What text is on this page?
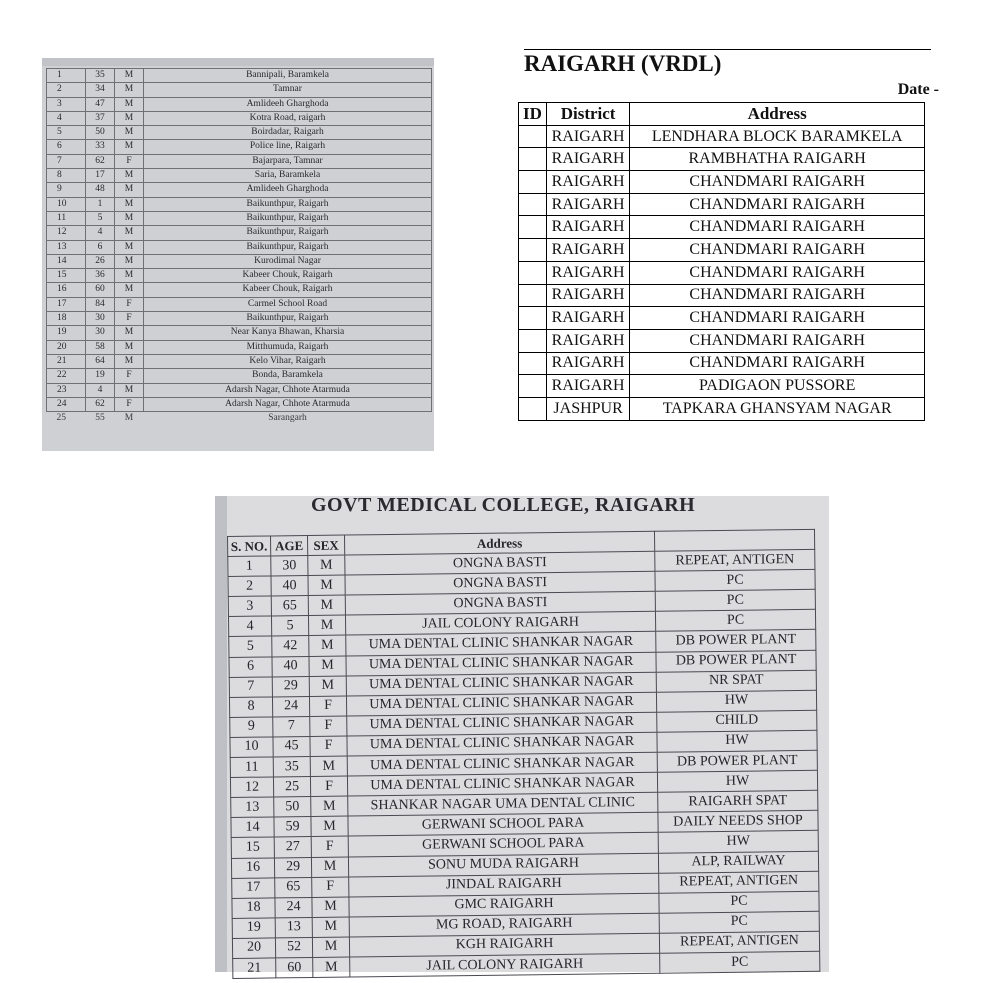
1	35	M	Bannipali, Baramkela
2	34	M	Tamnar
3	47	M	Amlideeh Gharghoda
4	37	M	Kotra Road, raigarh
5	50	M	Boirdadar, Raigarh
6	33	M	Police line, Raigarh
7	62	F	Bajarpara, Tamnar
8	17	M	Saria, Baramkela
9	48	M	Amlideeh Gharghoda
10	1	M	Baikunthpur, Raigarh
11	5	M	Baikunthpur, Raigarh
12	4	M	Baikunthpur, Raigarh
13	6	M	Baikunthpur, Raigarh
14	26	M	Kurodimal Nagar
15	36	M	Kabeer Chouk, Raigarh
16	60	M	Kabeer Chouk, Raigarh
17	84	F	Carmel School Road
18	30	F	Baikunthpur, Raigarh
19	30	M	Near Kanya Bhawan, Kharsia
20	58	M	Mitthumuda, Raigarh
21	64	M	Kelo Vihar, Raigarh
22	19	F	Bonda, Baramkela
23	4	M	Adarsh Nagar, Chhote Atarmuda
24	62	F	Adarsh Nagar, Chhote Atarmuda
25	55	M	Sarangarh
RAIGARH (VRDL)
Date -
ID	District	Address
	RAIGARH	LENDHARA BLOCK BARAMKELA
	RAIGARH	RAMBHATHA RAIGARH
	RAIGARH	CHANDMARI RAIGARH
	RAIGARH	CHANDMARI RAIGARH
	RAIGARH	CHANDMARI RAIGARH
	RAIGARH	CHANDMARI RAIGARH
	RAIGARH	CHANDMARI RAIGARH
	RAIGARH	CHANDMARI RAIGARH
	RAIGARH	CHANDMARI RAIGARH
	RAIGARH	CHANDMARI RAIGARH
	RAIGARH	CHANDMARI RAIGARH
	RAIGARH	PADIGAON PUSSORE
	JASHPUR	TAPKARA GHANSYAM NAGAR
GOVT MEDICAL COLLEGE, RAIGARH
S. NO.	AGE	SEX	Address	
1	30	M	ONGNA BASTI	REPEAT, ANTIGEN
2	40	M	ONGNA BASTI	PC
3	65	M	ONGNA BASTI	PC
4	5	M	JAIL COLONY RAIGARH	PC
5	42	M	UMA DENTAL CLINIC SHANKAR NAGAR	DB POWER PLANT
6	40	M	UMA DENTAL CLINIC SHANKAR NAGAR	DB POWER PLANT
7	29	M	UMA DENTAL CLINIC SHANKAR NAGAR	NR SPAT
8	24	F	UMA DENTAL CLINIC SHANKAR NAGAR	HW
9	7	F	UMA DENTAL CLINIC SHANKAR NAGAR	CHILD
10	45	F	UMA DENTAL CLINIC SHANKAR NAGAR	HW
11	35	M	UMA DENTAL CLINIC SHANKAR NAGAR	DB POWER PLANT
12	25	F	UMA DENTAL CLINIC SHANKAR NAGAR	HW
13	50	M	SHANKAR NAGAR UMA DENTAL CLINIC	RAIGARH SPAT
14	59	M	GERWANI SCHOOL PARA	DAILY NEEDS SHOP
15	27	F	GERWANI SCHOOL PARA	HW
16	29	M	SONU MUDA RAIGARH	ALP, RAILWAY
17	65	F	JINDAL RAIGARH	REPEAT, ANTIGEN
18	24	M	GMC RAIGARH	PC
19	13	M	MG ROAD, RAIGARH	PC
20	52	M	KGH RAIGARH	REPEAT, ANTIGEN
21	60	M	JAIL COLONY RAIGARH	PC
